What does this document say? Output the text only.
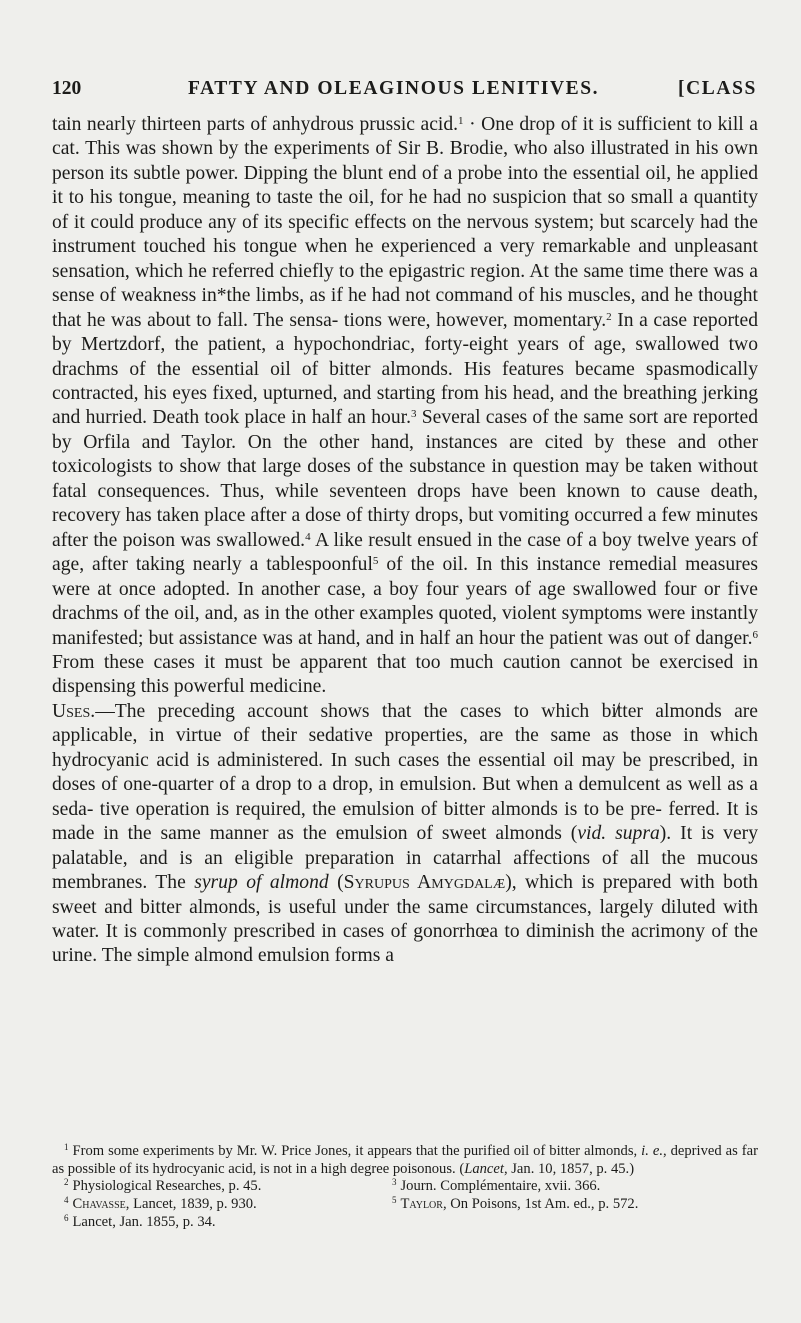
120	FATTY AND OLEAGINOUS LENITIVES.	[CLASS

tain nearly thirteen parts of anhydrous prussic acid.$^1$ · One drop of it is sufficient to kill a cat. This was shown by the experiments of Sir B. Brodie, who also illustrated in his own person its subtle power. Dipping the blunt end of a probe into the essential oil, he applied it to his tongue, meaning to taste the oil, for he had no suspicion that so small a quantity of it could produce any of its specific effects on the nervous system; but scarcely had the instrument touched his tongue when he experienced a very remarkable and unpleasant sensation, which he referred chiefly to the epigastric region. At the same time there was a sense of weakness in*the limbs, as if he had not command of his muscles, and he thought that he was about to fall. The sensa- tions were, however, momentary.$^2$ In a case reported by Mertzdorf, the patient, a hypochondriac, forty-eight years of age, swallowed two drachms of the essential oil of bitter almonds. His features became spasmodically contracted, his eyes fixed, upturned, and starting from his head, and the breathing jerking and hurried. Death took place in half an hour.$^3$ Several cases of the same sort are reported by Orfila and Taylor. On the other hand, instances are cited by these and other toxicologists to show that large doses of the substance in question may be taken without fatal consequences. Thus, while seventeen drops have been known to cause death, recovery has taken place after a dose of thirty drops, but vomiting occurred a few minutes after the poison was swallowed.$^4$ A like result ensued in the case of a boy twelve years of age, after taking nearly a tablespoonful$^5$ of the oil. In this instance remedial measures were at once adopted. In another case, a boy four years of age swallowed four or five drachms of the oil, and, as in the other examples quoted, violent symptoms were instantly manifested; but assistance was at hand, and in half an hour the patient was out of danger.$^6$ From these cases it must be apparent that too much caution cannot be exercised in dispensing this powerful medicine.

Uses.—The preceding account shows that the cases to which bi̸tter almonds are applicable, in virtue of their sedative properties, are the same as those in which hydrocyanic acid is administered. In such cases the essential oil may be prescribed, in doses of one-quarter of a drop to a drop, in emulsion. But when a demulcent as well as a seda- tive operation is required, the emulsion of bitter almonds is to be pre- ferred. It is made in the same manner as the emulsion of sweet almonds (vid. supra). It is very palatable, and is an eligible preparation in catarrhal affections of all the mucous membranes. The syrup of almond (Syrupus Amygdalæ), which is prepared with both sweet and bitter almonds, is useful under the same circumstances, largely diluted with water. It is commonly prescribed in cases of gonorrhœa to diminish the acrimony of the urine. The simple almond emulsion forms a

$^1$ From some experiments by Mr. W. Price Jones, it appears that the purified oil of bitter almonds, i. e., deprived as far as possible of its hydrocyanic acid, is not in a high degree poisonous. (Lancet, Jan. 10, 1857, p. 45.)

$^2$ Physiological Researches, p. 45.	$^3$ Journ. Complémentaire, xvii. 366.
$^4$ Chavasse, Lancet, 1839, p. 930.	$^5$ Taylor, On Poisons, 1st Am. ed., p. 572.
$^6$ Lancet, Jan. 1855, p. 34.
